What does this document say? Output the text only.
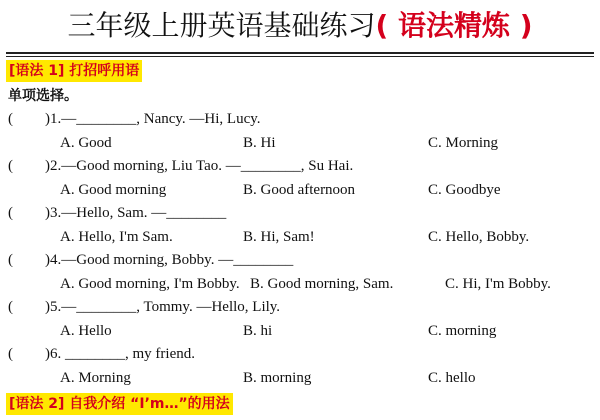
三年级上册英语基础练习( 语法精炼 )
[语法 1] 打招呼用语
单项选择。
( ) 1.—________, Nancy. —Hi, Lucy.
A. Good	B. Hi	C. Morning
( ) 2.—Good morning, Liu Tao. —________, Su Hai.
A. Good morning	B. Good afternoon	C. Goodbye
( ) 3.—Hello, Sam. —________
A. Hello, I'm Sam.	B. Hi, Sam!	C. Hello, Bobby.
( ) 4.—Good morning, Bobby. —________
A. Good morning, I'm Bobby. B. Good morning, Sam.	C. Hi, I'm Bobby.
( ) 5.—________, Tommy. —Hello, Lily.
A. Hello	B. hi	C. morning
( ) 6. ________, my friend.
A. Morning	B. morning	C. hello
[语法 2] 自我介绍 “I’m…”的用法
